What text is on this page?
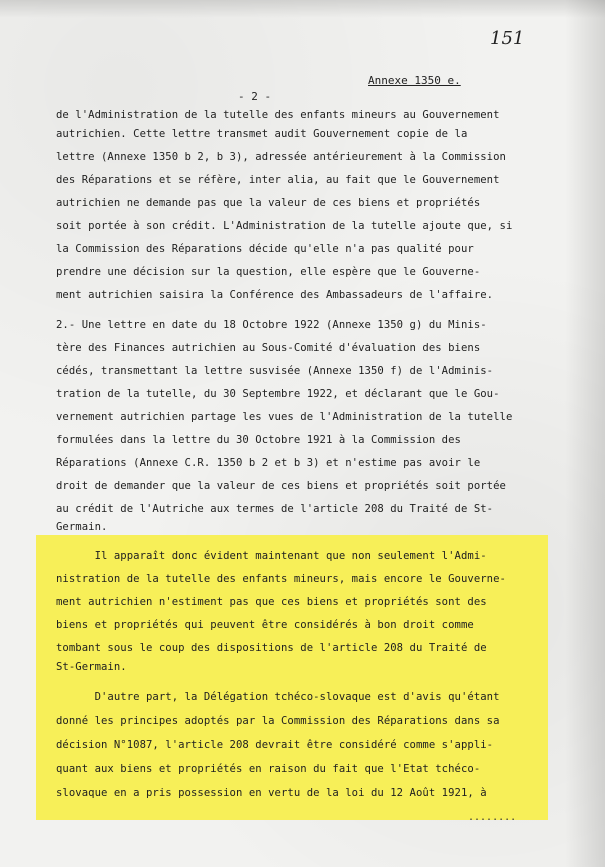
151
Annexe 1350 e.
- 2 -
de l'Administration de la tutelle des enfants mineurs au Gouvernement
autrichien. Cette lettre transmet audit Gouvernement copie de la
lettre (Annexe 1350 b 2, b 3), adressée antérieurement à la Commission
des Réparations et se réfère, inter alia, au fait que le Gouvernement
autrichien ne demande pas que la valeur de ces biens et propriétés
soit portée à son crédit. L'Administration de la tutelle ajoute que, si
la Commission des Réparations décide qu'elle n'a pas qualité pour
prendre une décision sur la question, elle espère que le Gouverne-
ment autrichien saisira la Conférence des Ambassadeurs de l'affaire.
2.- Une lettre en date du 18 Octobre 1922 (Annexe 1350 g) du Minis-
tère des Finances autrichien au Sous-Comité d'évaluation des biens
cédés, transmettant la lettre susvisée (Annexe 1350 f) de l'Adminis-
tration de la tutelle, du 30 Septembre 1922, et déclarant que le Gou-
vernement autrichien partage les vues de l'Administration de la tutelle
formulées dans la lettre du 30 Octobre 1921 à la Commission des
Réparations (Annexe C.R. 1350 b 2 et b 3) et n'estime pas avoir le
droit de demander que la valeur de ces biens et propriétés soit portée
au crédit de l'Autriche aux termes de l'article 208 du Traité de St-
Germain.
Il apparaît donc évident maintenant que non seulement l'Admi-
nistration de la tutelle des enfants mineurs, mais encore le Gouverne-
ment autrichien n'estiment pas que ces biens et propriétés sont des
biens et propriétés qui peuvent être considérés à bon droit comme
tombant sous le coup des dispositions de l'article 208 du Traité de
St-Germain.
D'autre part, la Délégation tchéco-slovaque est d'avis qu'étant
donné les principes adoptés par la Commission des Réparations dans sa
décision N°1087, l'article 208 devrait être considéré comme s'appli-
quant aux biens et propriétés en raison du fait que l'Etat tchéco-
slovaque en a pris possession en vertu de la loi du 12 Août 1921, à
........
